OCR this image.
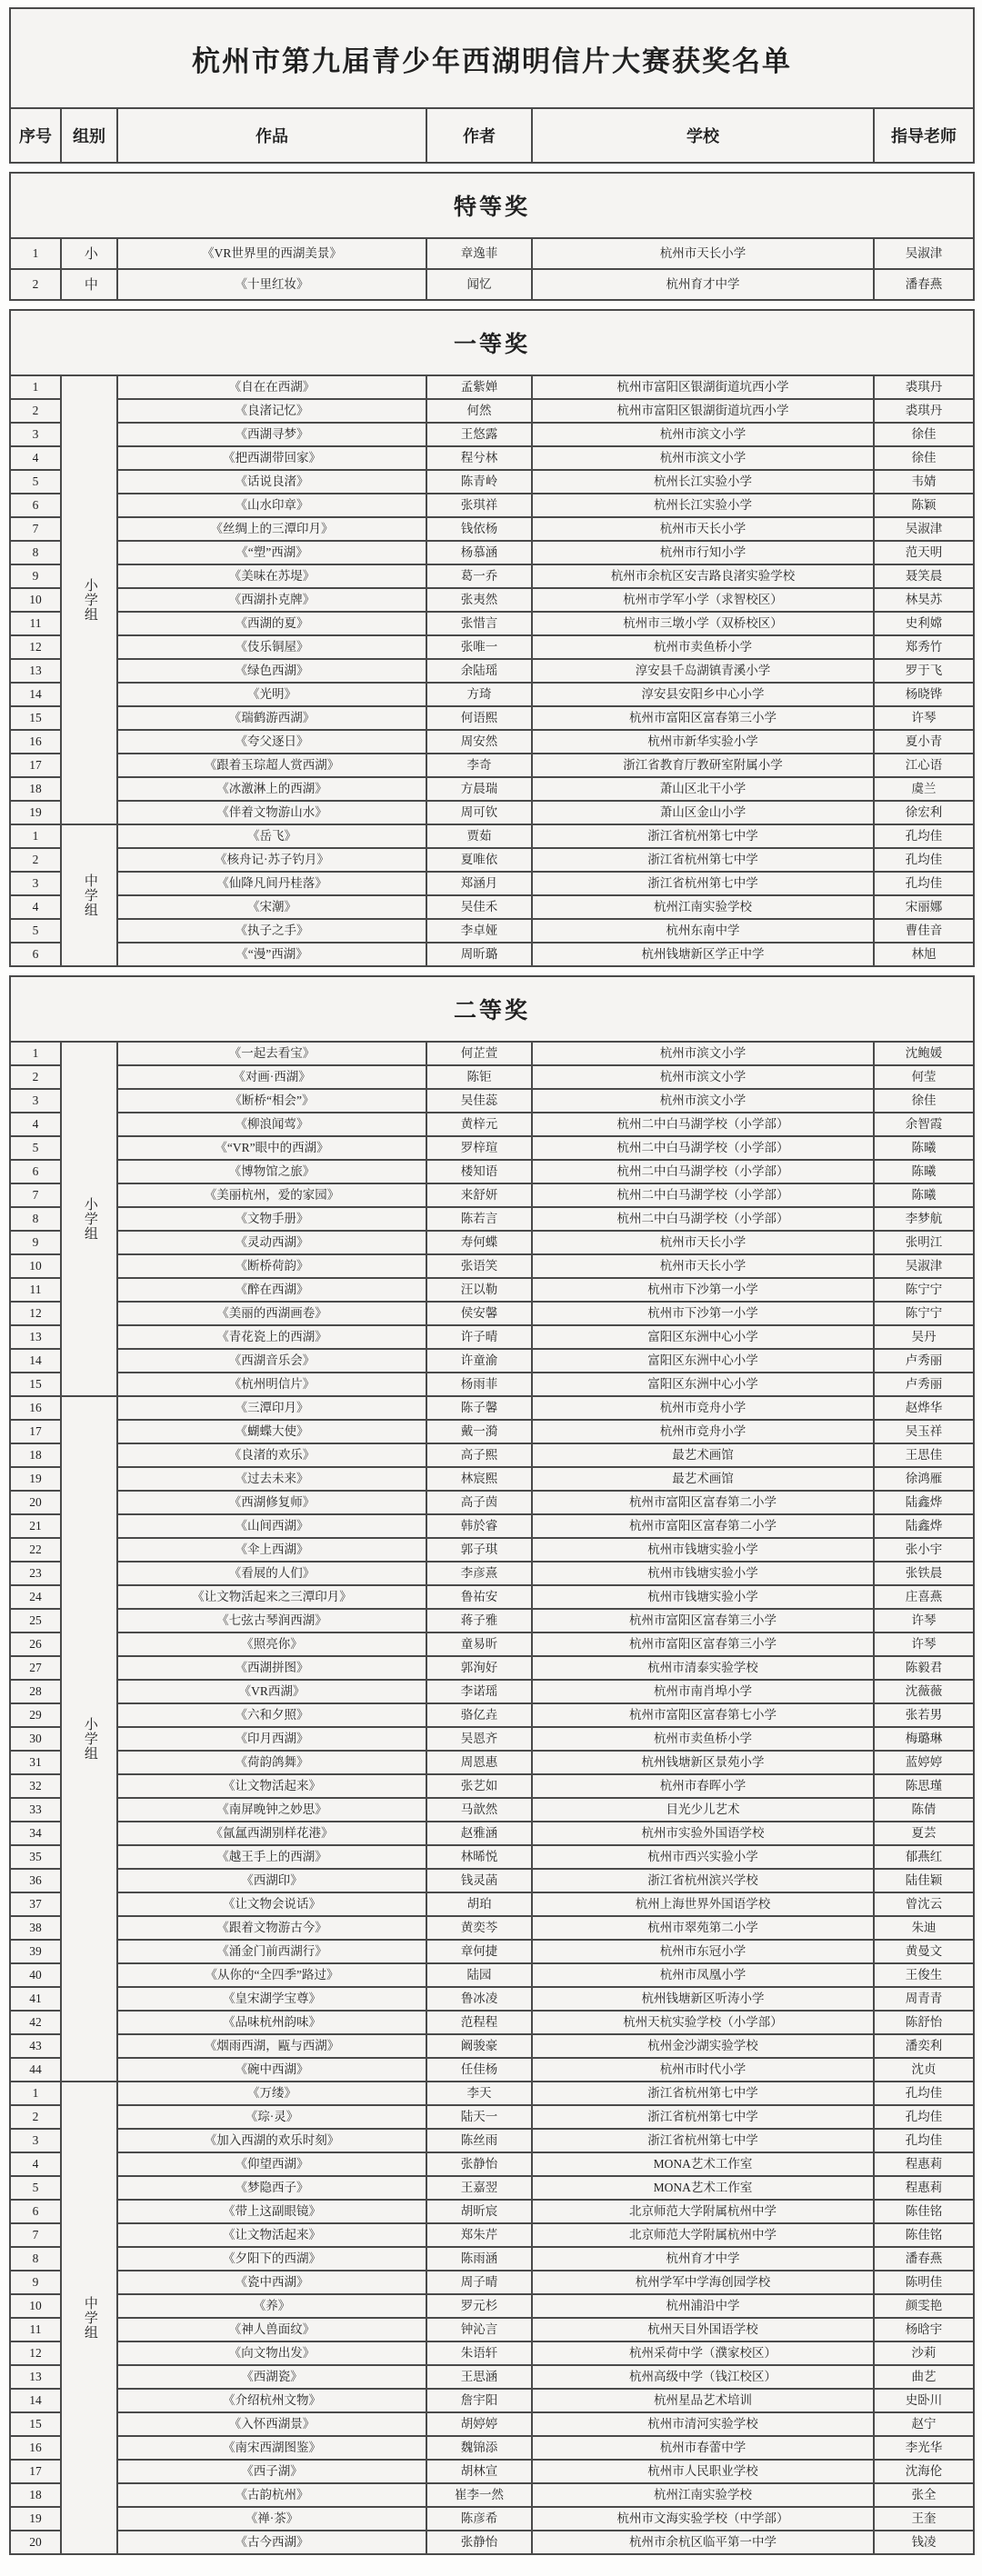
杭州市第九届青少年西湖明信片大赛获奖名单
序号	组别	作品	作者	学校	指导老师
特等奖					
1	小	《VR世界里的西湖美景》	章逸菲	杭州市天长小学	吴淑津
2	中	《十里红妆》	闻忆	杭州育才中学	潘春燕
一等奖					
1	小学组	《自在在西湖》	孟紫婵	杭州市富阳区银湖街道坑西小学	裘琪丹
2		《良渚记忆》	何然	杭州市富阳区银湖街道坑西小学	裘琪丹
3		《西湖寻梦》	王悠露	杭州市滨文小学	徐佳
4		《把西湖带回家》	程兮林	杭州市滨文小学	徐佳
5		《话说良渚》	陈青岭	杭州长江实验小学	韦婧
6		《山水印章》	张琪祥	杭州长江实验小学	陈颖
7		《丝绸上的三潭印月》	钱依杨	杭州市天长小学	吴淑津
8		《“塑”西湖》	杨慕涵	杭州市行知小学	范天明
9		《美味在苏堤》	葛一乔	杭州市余杭区安吉路良渚实验学校	聂笑晨
10		《西湖扑克牌》	张夷然	杭州市学军小学（求智校区）	林昊苏
11		《西湖的夏》	张惜言	杭州市三墩小学（双桥校区）	史利嫦
12		《伎乐铜屋》	张唯一	杭州市卖鱼桥小学	郑秀竹
13		《绿色西湖》	余陆瑶	淳安县千岛湖镇青溪小学	罗于飞
14		《光明》	方琦	淳安县安阳乡中心小学	杨晓铧
15		《瑞鹤游西湖》	何语熙	杭州市富阳区富春第三小学	许琴
16		《夸父逐日》	周安然	杭州市新华实验小学	夏小青
17		《跟着玉琮超人赏西湖》	李奇	浙江省教育厅教研室附属小学	江心语
18		《冰激淋上的西湖》	方晨瑞	萧山区北干小学	虞兰
19		《伴着文物游山水》	周可钦	萧山区金山小学	徐宏利
1	中学组	《岳飞》	贾茹	浙江省杭州第七中学	孔均佳
2		《核舟记·苏子钓月》	夏唯依	浙江省杭州第七中学	孔均佳
3		《仙降凡间丹桂落》	郑涵月	浙江省杭州第七中学	孔均佳
4		《宋潮》	吴佳禾	杭州江南实验学校	宋丽娜
5		《执子之手》	李卓娅	杭州东南中学	曹佳音
6		《“漫”西湖》	周昕璐	杭州钱塘新区学正中学	林旭
二等奖					
1	小学组	《一起去看宝》	何芷萱	杭州市滨文小学	沈鲍媛
2		《对画·西湖》	陈钜	杭州市滨文小学	何莹
3		《断桥“相会”》	吴佳蕊	杭州市滨文小学	徐佳
4		《柳浪闻莺》	黄梓元	杭州二中白马湖学校（小学部）	余智霞
5		《“VR”眼中的西湖》	罗梓瑄	杭州二中白马湖学校（小学部）	陈曦
6		《博物馆之旅》	楼知语	杭州二中白马湖学校（小学部）	陈曦
7		《美丽杭州，爱的家园》	来舒妍	杭州二中白马湖学校（小学部）	陈曦
8		《文物手册》	陈若言	杭州二中白马湖学校（小学部）	李梦航
9		《灵动西湖》	寿何蝶	杭州市天长小学	张明江
10		《断桥荷韵》	张语笑	杭州市天长小学	吴淑津
11		《醉在西湖》	汪以勒	杭州市下沙第一小学	陈宁宁
12		《美丽的西湖画卷》	侯安馨	杭州市下沙第一小学	陈宁宁
13		《青花瓷上的西湖》	许子晴	富阳区东洲中心小学	吴丹
14		《西湖音乐会》	许童渝	富阳区东洲中心小学	卢秀丽
15		《杭州明信片》	杨雨菲	富阳区东洲中心小学	卢秀丽
16	小学组	《三潭印月》	陈子馨	杭州市竞舟小学	赵烨华
17		《蝴蝶大使》	戴一漪	杭州市竞舟小学	吴玉祥
18		《良渚的欢乐》	高子熙	最艺术画馆	王思佳
19		《过去未来》	林宸熙	最艺术画馆	徐鸿雁
20		《西湖修复师》	高子茵	杭州市富阳区富春第二小学	陆鑫烨
21		《山间西湖》	韩於睿	杭州市富阳区富春第二小学	陆鑫烨
22		《伞上西湖》	郭子琪	杭州市钱塘实验小学	张小宇
23		《看展的人们》	李彦熹	杭州市钱塘实验小学	张铁晨
24		《让文物活起来之三潭印月》	鲁祐安	杭州市钱塘实验小学	庄喜燕
25		《七弦古琴润西湖》	蒋子雅	杭州市富阳区富春第三小学	许琴
26		《照亮你》	童易昕	杭州市富阳区富春第三小学	许琴
27		《西湖拼图》	郭洵好	杭州市清泰实验学校	陈毅君
28		《VR西湖》	李诺瑶	杭州市南肖埠小学	沈薇薇
29		《六和夕照》	骆亿垚	杭州市富阳区富春第七小学	张若男
30		《印月西湖》	吴恩齐	杭州市卖鱼桥小学	梅璐琳
31		《荷韵鸽舞》	周恩惠	杭州钱塘新区景苑小学	蓝婷婷
32		《让文物活起来》	张艺如	杭州市春晖小学	陈思瑾
33		《南屏晚钟之妙思》	马歆然	目光少儿艺术	陈倩
34		《氤氲西湖别样花港》	赵雅涵	杭州市实验外国语学校	夏芸
35		《越王手上的西湖》	林晞悦	杭州市西兴实验小学	郁燕红
36		《西湖印》	钱灵菡	浙江省杭州滨兴学校	陆佳颖
37		《让文物会说话》	胡珀	杭州上海世界外国语学校	曾沈云
38		《跟着文物游古今》	黄奕芩	杭州市翠苑第二小学	朱迪
39		《涌金门前西湖行》	章何捷	杭州市东冠小学	黄曼文
40		《从你的“全四季”路过》	陆园	杭州市凤凰小学	王俊生
41		《皇宋湖学宝尊》	鲁冰凌	杭州钱塘新区听涛小学	周青青
42		《品味杭州韵味》	范程程	杭州天杭实验学校（小学部）	陈舒怡
43		《烟雨西湖，甌与西湖》	阚骏豪	杭州金沙湖实验学校	潘奕利
44		《碗中西湖》	任佳杨	杭州市时代小学	沈贞
1	中学组	《万缕》	李天	浙江省杭州第七中学	孔均佳
2		《琮·灵》	陆天一	浙江省杭州第七中学	孔均佳
3		《加入西湖的欢乐时刻》	陈丝雨	浙江省杭州第七中学	孔均佳
4		《仰望西湖》	张静怡	MONA艺术工作室	程惠莉
5		《梦隐西子》	王嘉翌	MONA艺术工作室	程惠莉
6		《带上这副眼镜》	胡昕宸	北京师范大学附属杭州中学	陈佳铭
7		《让文物活起来》	郑朱芹	北京师范大学附属杭州中学	陈佳铭
8		《夕阳下的西湖》	陈雨涵	杭州育才中学	潘春燕
9		《瓷中西湖》	周子晴	杭州学军中学海创园学校	陈明佳
10		《养》	罗元杉	杭州浦沿中学	颜雯艳
11		《神人兽面纹》	钟沁言	杭州天目外国语学校	杨晗宇
12		《向文物出发》	朱语轩	杭州采荷中学（濮家校区）	沙莉
13		《西湖瓷》	王思涵	杭州高级中学（钱江校区）	曲艺
14		《介绍杭州文物》	詹宇阳	杭州星品艺术培训	史卧川
15		《入怀西湖景》	胡婷婷	杭州市清河实验学校	赵宁
16		《南宋西湖图鉴》	魏锦添	杭州市春蕾中学	李光华
17		《西子湖》	胡林宣	杭州市人民职业学校	沈海伦
18		《古韵杭州》	崔李一然	杭州江南实验学校	张全
19		《禅·茶》	陈彦希	杭州市文海实验学校（中学部）	王奎
20		《古今西湖》	张静怡	杭州市余杭区临平第一中学	钱凌
